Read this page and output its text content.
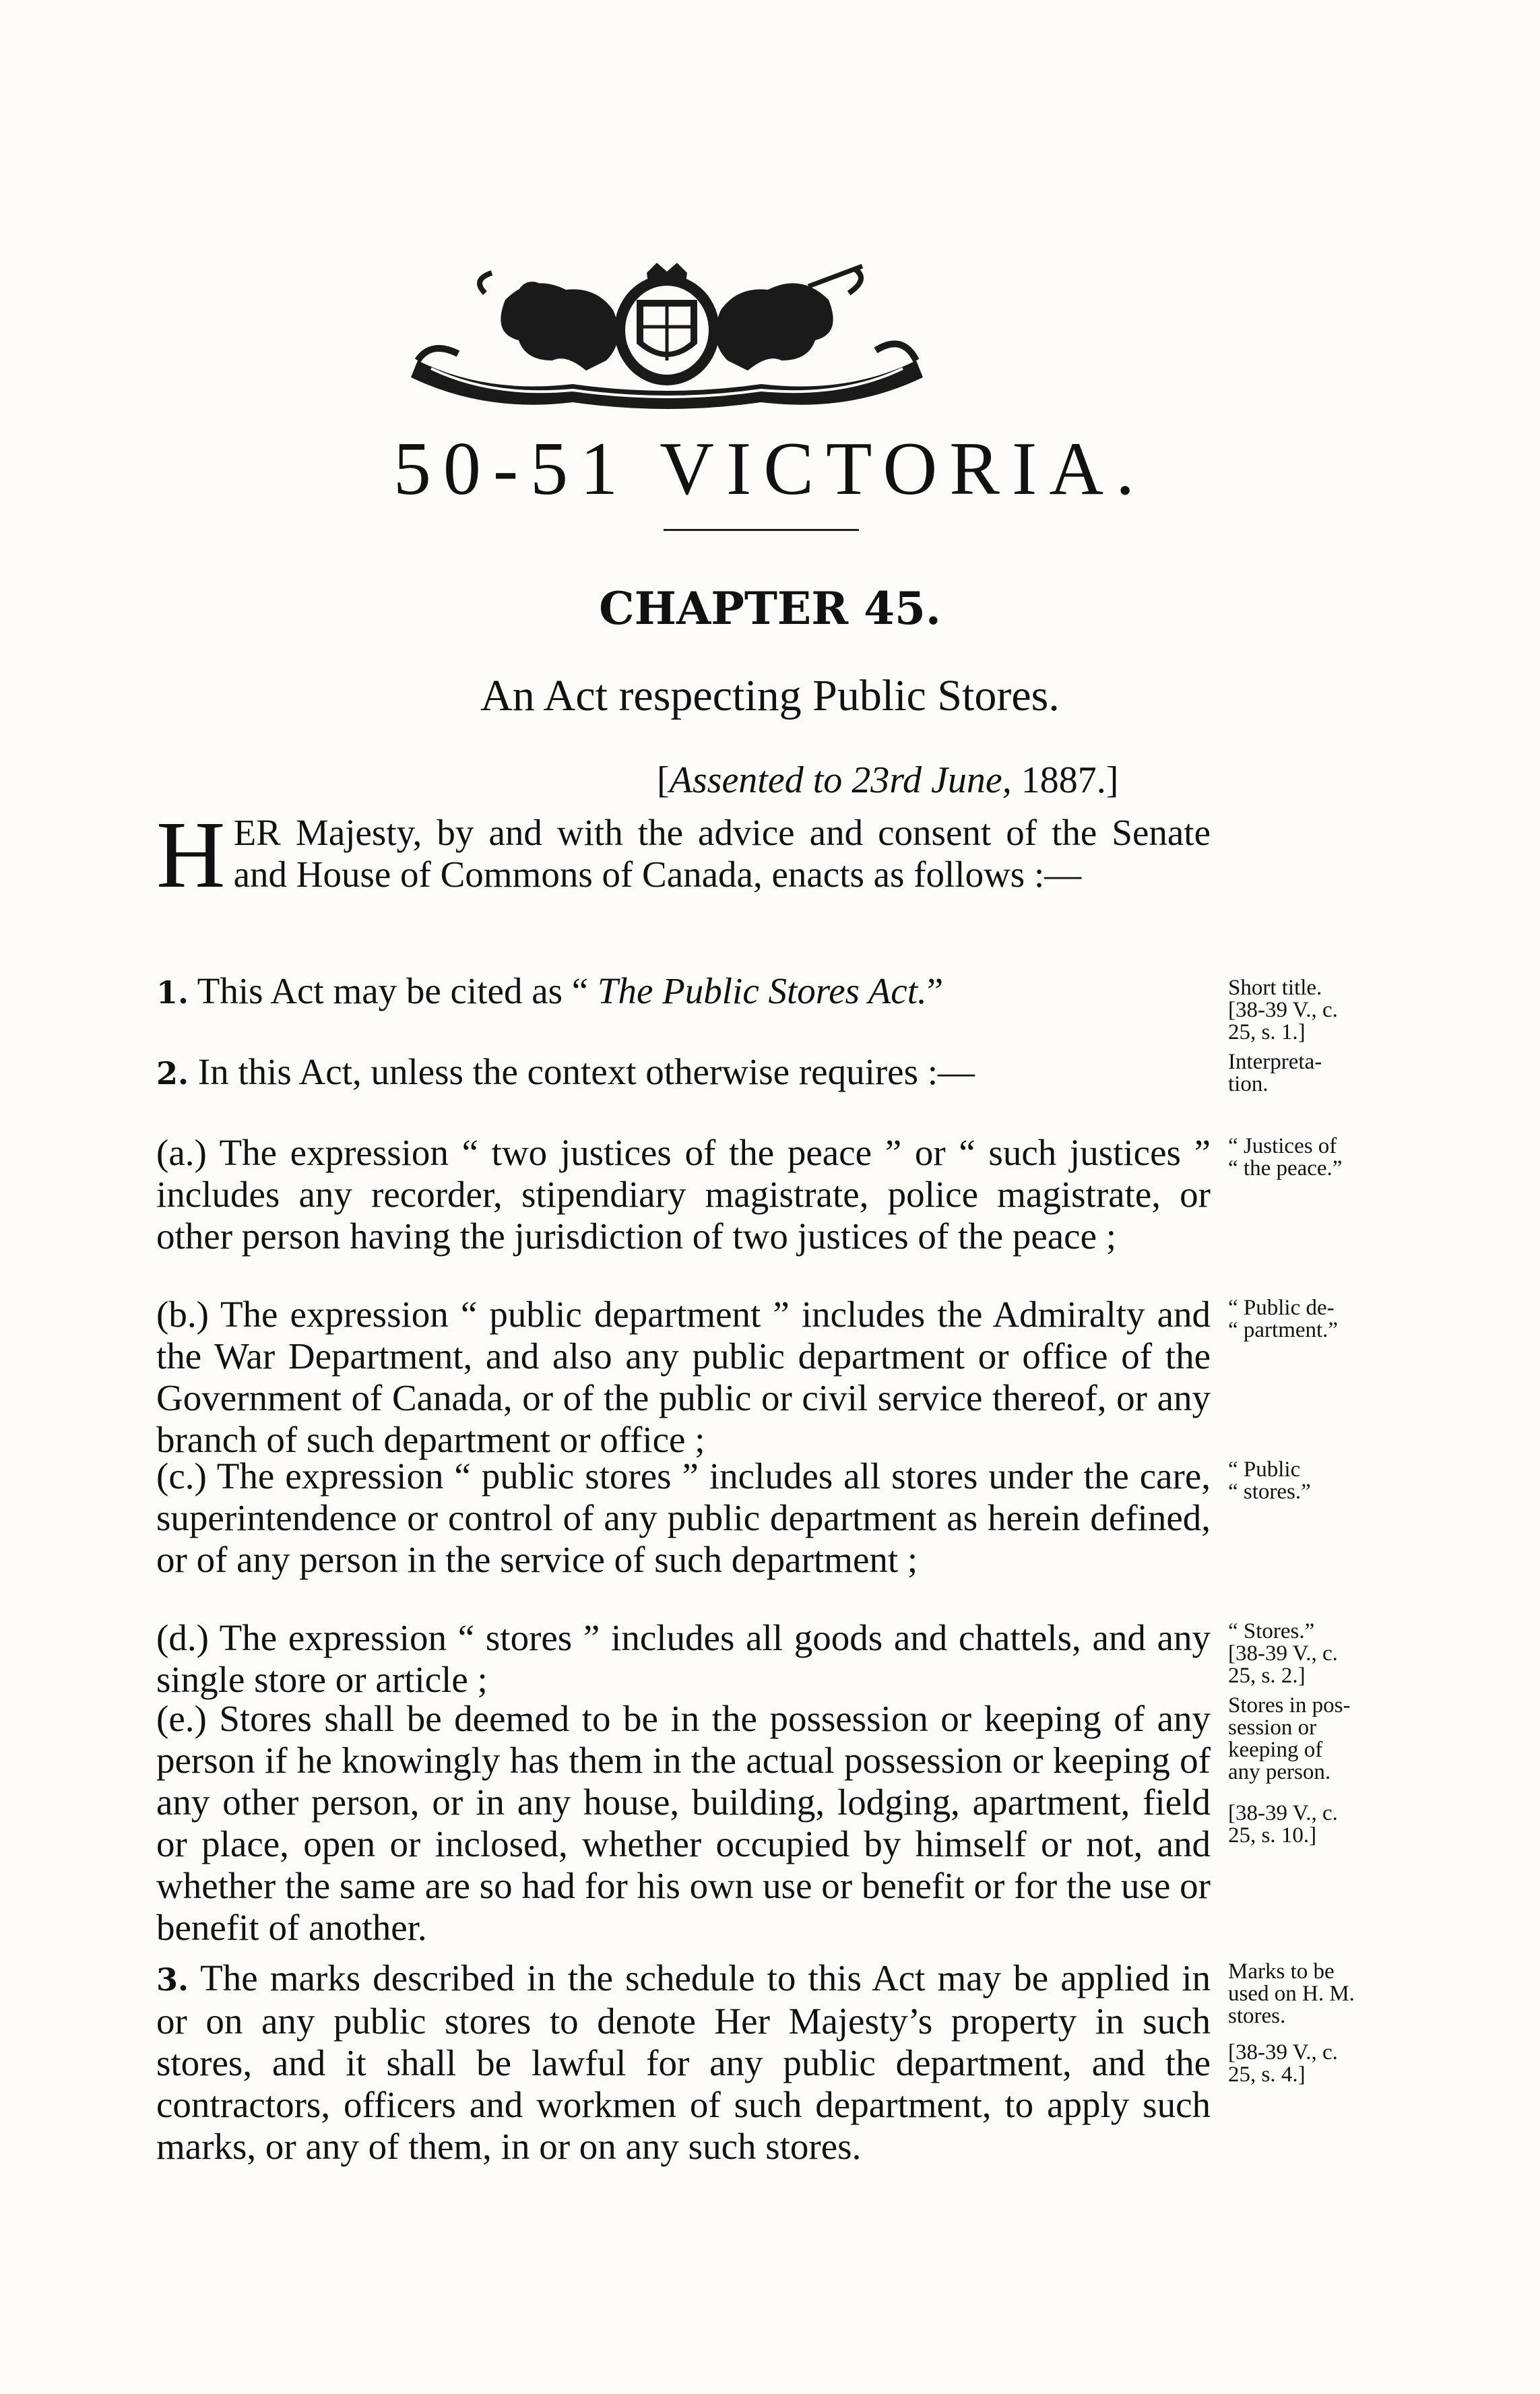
50-51 VICTORIA.
CHAPTER 45.
An Act respecting Public Stores.
[Assented to 23rd June, 1887.]
HER Majesty, by and with the advice and consent of the Senate and House of Commons of Canada, enacts as follows :—
1. This Act may be cited as “ The Public Stores Act.”
2. In this Act, unless the context otherwise requires :—
(a.) The expression “ two justices of the peace ” or “ such justices ” includes any recorder, stipendiary magistrate, police magistrate, or other person having the jurisdiction of two justices of the peace ;
(b.) The expression “ public department ” includes the Admiralty and the War Department, and also any public department or office of the Government of Canada, or of the public or civil service thereof, or any branch of such department or office ;
(c.) The expression “ public stores ” includes all stores under the care, superintendence or control of any public department as herein defined, or of any person in the service of such department ;
(d.) The expression “ stores ” includes all goods and chattels, and any single store or article ;
(e.) Stores shall be deemed to be in the possession or keeping of any person if he knowingly has them in the actual possession or keeping of any other person, or in any house, building, lodging, apartment, field or place, open or inclosed, whether occupied by himself or not, and whether the same are so had for his own use or benefit or for the use or benefit of another.
3. The marks described in the schedule to this Act may be applied in or on any public stores to denote Her Majesty’s property in such stores, and it shall be lawful for any public department, and the contractors, officers and workmen of such department, to apply such marks, or any of them, in or on any such stores.
Short title.
[38-39 V., c.
25, s. 1.]
Interpreta-
tion.
“ Justices of
“ the peace.”
“ Public de-
“ partment.”
“ Public
“ stores.”
“ Stores.”
[38-39 V., c.
25, s. 2.]
Stores in pos-
session or
keeping of
any person.
[38-39 V., c.
25, s. 10.]
Marks to be
used on H. M.
stores.
[38-39 V., c.
25, s. 4.]
